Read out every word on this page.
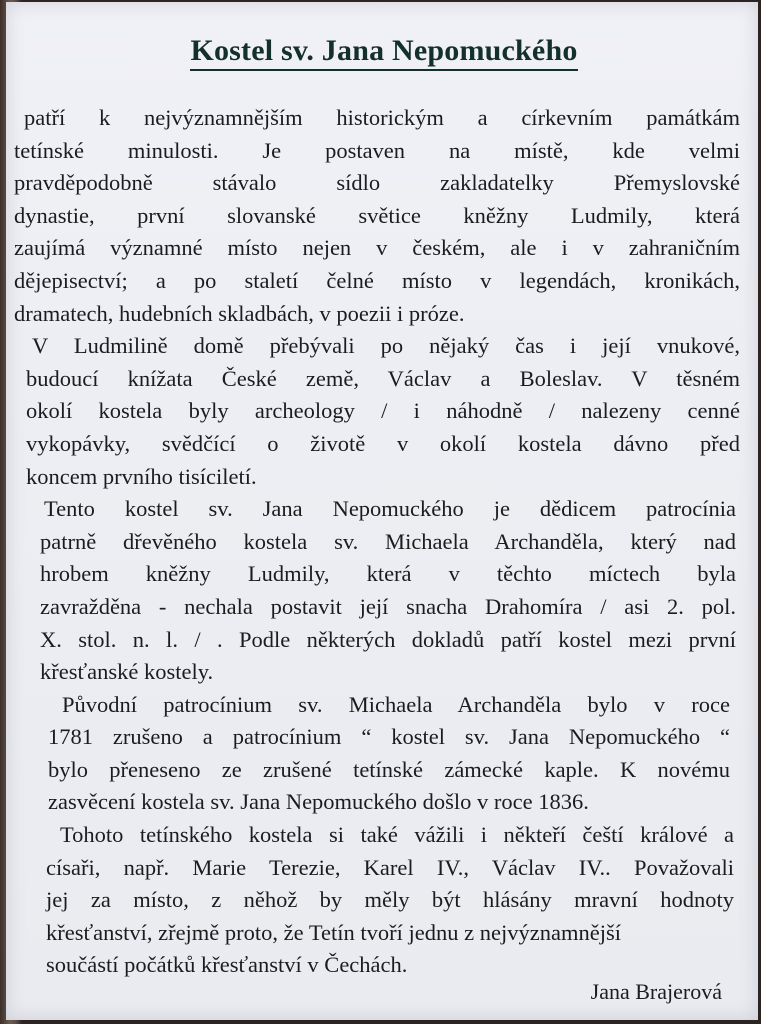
Kostel sv. Jana Nepomuckého
patří k nejvýznamnějším historickým a církevním památkám
tetínské minulosti. Je postaven na místě, kde velmi
pravděpodobně stávalo sídlo zakladatelky Přemyslovské
dynastie, první slovanské světice kněžny Ludmily, která
zaujímá významné místo nejen v českém, ale i v zahraničním
dějepisectví; a po staletí čelné místo v legendách, kronikách,
dramatech, hudebních skladbách, v poezii i próze.
V Ludmilině domě přebývali po nějaký čas i její vnukové,
budoucí knížata České země, Václav a Boleslav. V těsném
okolí kostela byly archeology / i náhodně / nalezeny cenné
vykopávky, svědčící o životě v okolí kostela dávno před
koncem prvního tisíciletí.
Tento kostel sv. Jana Nepomuckého je dědicem patrocínia
patrně dřevěného kostela sv. Michaela Archanděla, který nad
hrobem kněžny Ludmily, která v těchto míctech byla
zavražděna - nechala postavit její snacha Drahomíra / asi 2. pol.
X. stol. n. l. / . Podle některých dokladů patří kostel mezi první
křesťanské kostely.
Původní patrocínium sv. Michaela Archanděla bylo v roce
1781 zrušeno a patrocínium “ kostel sv. Jana Nepomuckého “
bylo přeneseno ze zrušené tetínské zámecké kaple. K novému
zasvěcení kostela sv. Jana Nepomuckého došlo v roce 1836.
Tohoto tetínského kostela si také vážili i někteří čeští králové a
císaři, např. Marie Terezie, Karel IV., Václav IV.. Považovali
jej za místo, z něhož by měly být hlásány mravní hodnoty
křesťanství, zřejmě proto, že Tetín tvoří jednu z nejvýznamnější
součástí počátků křesťanství v Čechách.
Jana Brajerová
